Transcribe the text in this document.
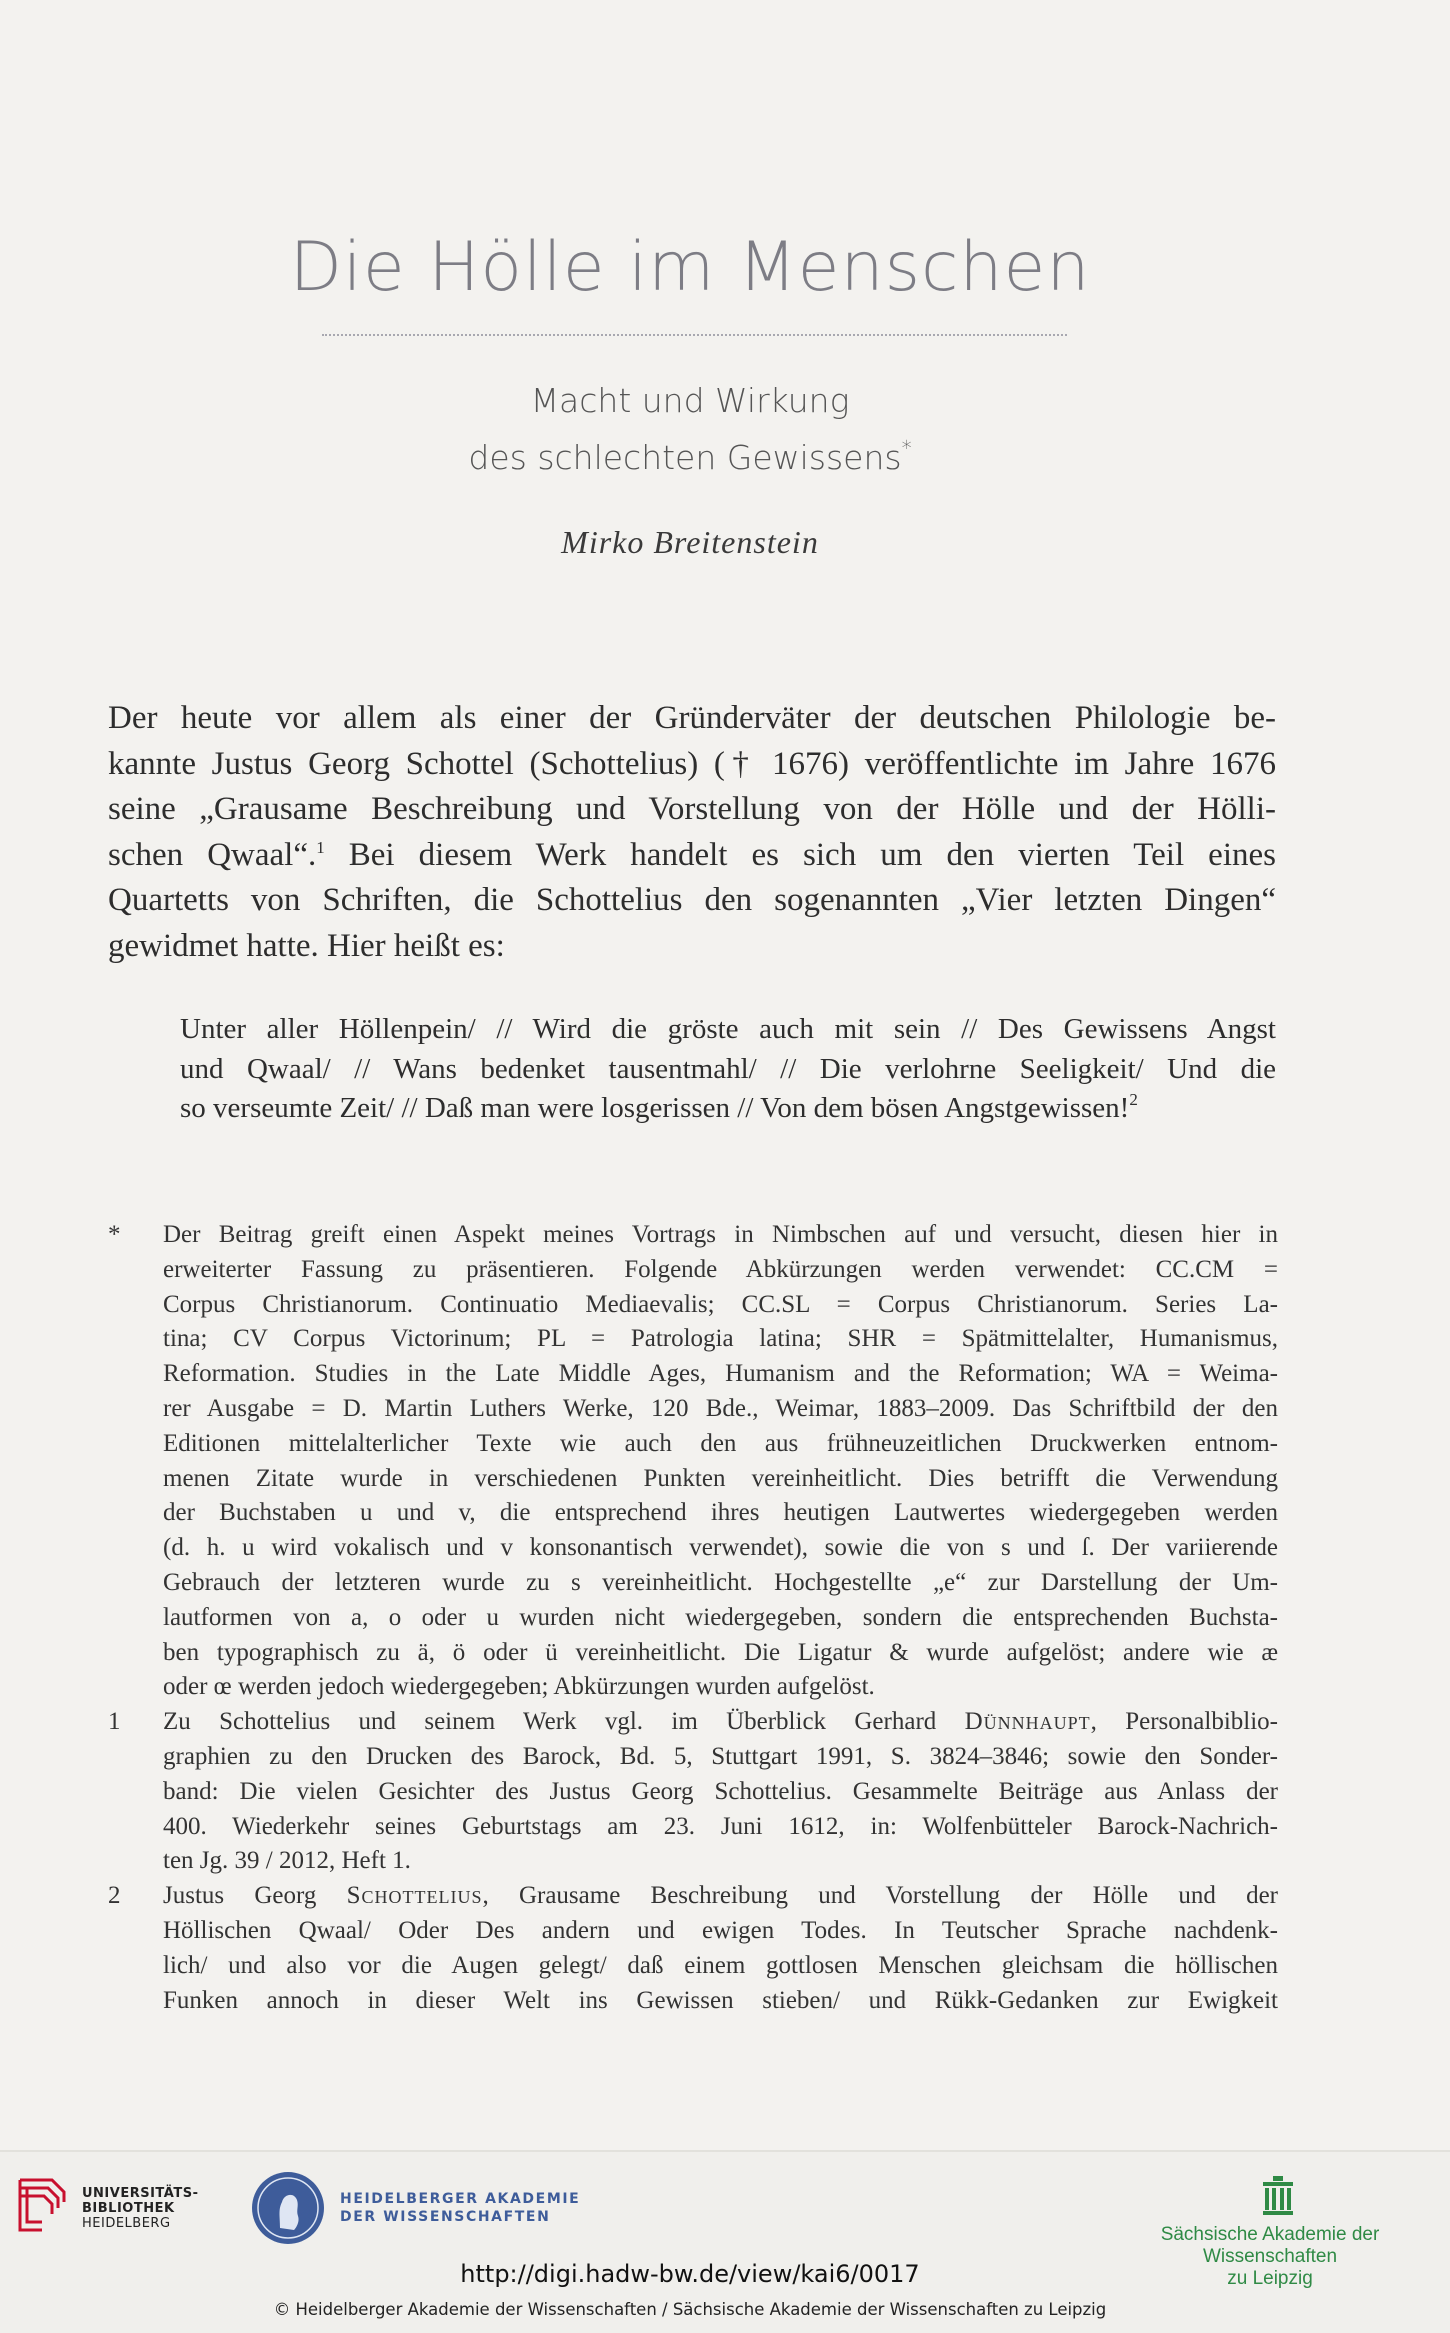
Die Hölle im Menschen
Macht und Wirkung
des schlechten Gewissens*
Mirko Breitenstein
Der heute vor allem als einer der Gründerväter der deutschen Philologie be-
kannte Justus Georg Schottel (Schottelius) († 1676) veröffentlichte im Jahre 1676
seine „Grausame Beschreibung und Vorstellung von der Hölle und der Hölli-
schen Qwaal“.$^1$ Bei diesem Werk handelt es sich um den vierten Teil eines
Quartetts von Schriften, die Schottelius den sogenannten „Vier letzten Dingen“
gewidmet hatte. Hier heißt es:
Unter aller Höllenpein/ // Wird die gröste auch mit sein // Des Gewissens Angst
und Qwaal/ // Wans bedenket tausentmahl/ // Die verlohrne Seeligkeit/ Und die
so verseumte Zeit/ // Daß man were losgerissen // Von dem bösen Angstgewissen!$^2$
*	Der Beitrag greift einen Aspekt meines Vortrags in Nimbschen auf und versucht, diesen hier in
erweiterter Fassung zu präsentieren. Folgende Abkürzungen werden verwendet: CC.CM =
Corpus Christianorum. Continuatio Mediaevalis; CC.SL = Corpus Christianorum. Series La-
tina; CV Corpus Victorinum; PL = Patrologia latina; SHR = Spätmittelalter, Humanismus,
Reformation. Studies in the Late Middle Ages, Humanism and the Reformation; WA = Weima-
rer Ausgabe = D. Martin Luthers Werke, 120 Bde., Weimar, 1883–2009. Das Schriftbild der den
Editionen mittelalterlicher Texte wie auch den aus frühneuzeitlichen Druckwerken entnom-
menen Zitate wurde in verschiedenen Punkten vereinheitlicht. Dies betrifft die Verwendung
der Buchstaben u und v, die entsprechend ihres heutigen Lautwertes wiedergegeben werden
(d. h. u wird vokalisch und v konsonantisch verwendet), sowie die von s und ſ. Der variierende
Gebrauch der letzteren wurde zu s vereinheitlicht. Hochgestellte „e“ zur Darstellung der Um-
lautformen von a, o oder u wurden nicht wiedergegeben, sondern die entsprechenden Buchsta-
ben typographisch zu ä, ö oder ü vereinheitlicht. Die Ligatur & wurde aufgelöst; andere wie æ
oder œ werden jedoch wiedergegeben; Abkürzungen wurden aufgelöst.
1	Zu Schottelius und seinem Werk vgl. im Überblick Gerhard Dünnhaupt, Personalbiblio-
graphien zu den Drucken des Barock, Bd. 5, Stuttgart 1991, S. 3824–3846; sowie den Sonder-
band: Die vielen Gesichter des Justus Georg Schottelius. Gesammelte Beiträge aus Anlass der
400. Wiederkehr seines Geburtstags am 23. Juni 1612, in: Wolfenbütteler Barock-Nachrich-
ten Jg. 39 / 2012, Heft 1.
2	Justus Georg Schottelius, Grausame Beschreibung und Vorstellung der Hölle und der
Höllischen Qwaal/ Oder Des andern und ewigen Todes. In Teutscher Sprache nachdenk-
lich/ und also vor die Augen gelegt/ daß einem gottlosen Menschen gleichsam die höllischen
Funken annoch in dieser Welt ins Gewissen stieben/ und Rükk-Gedanken zur Ewigkeit
UNIVERSITÄTS-
BIBLIOTHEK
HEIDELBERG
HEIDELBERGER AKADEMIE
DER WISSENSCHAFTEN
Sächsische Akademie der Wissenschaften
zu Leipzig
http://digi.hadw-bw.de/view/kai6/0017
© Heidelberger Akademie der Wissenschaften / Sächsische Akademie der Wissenschaften zu Leipzig
